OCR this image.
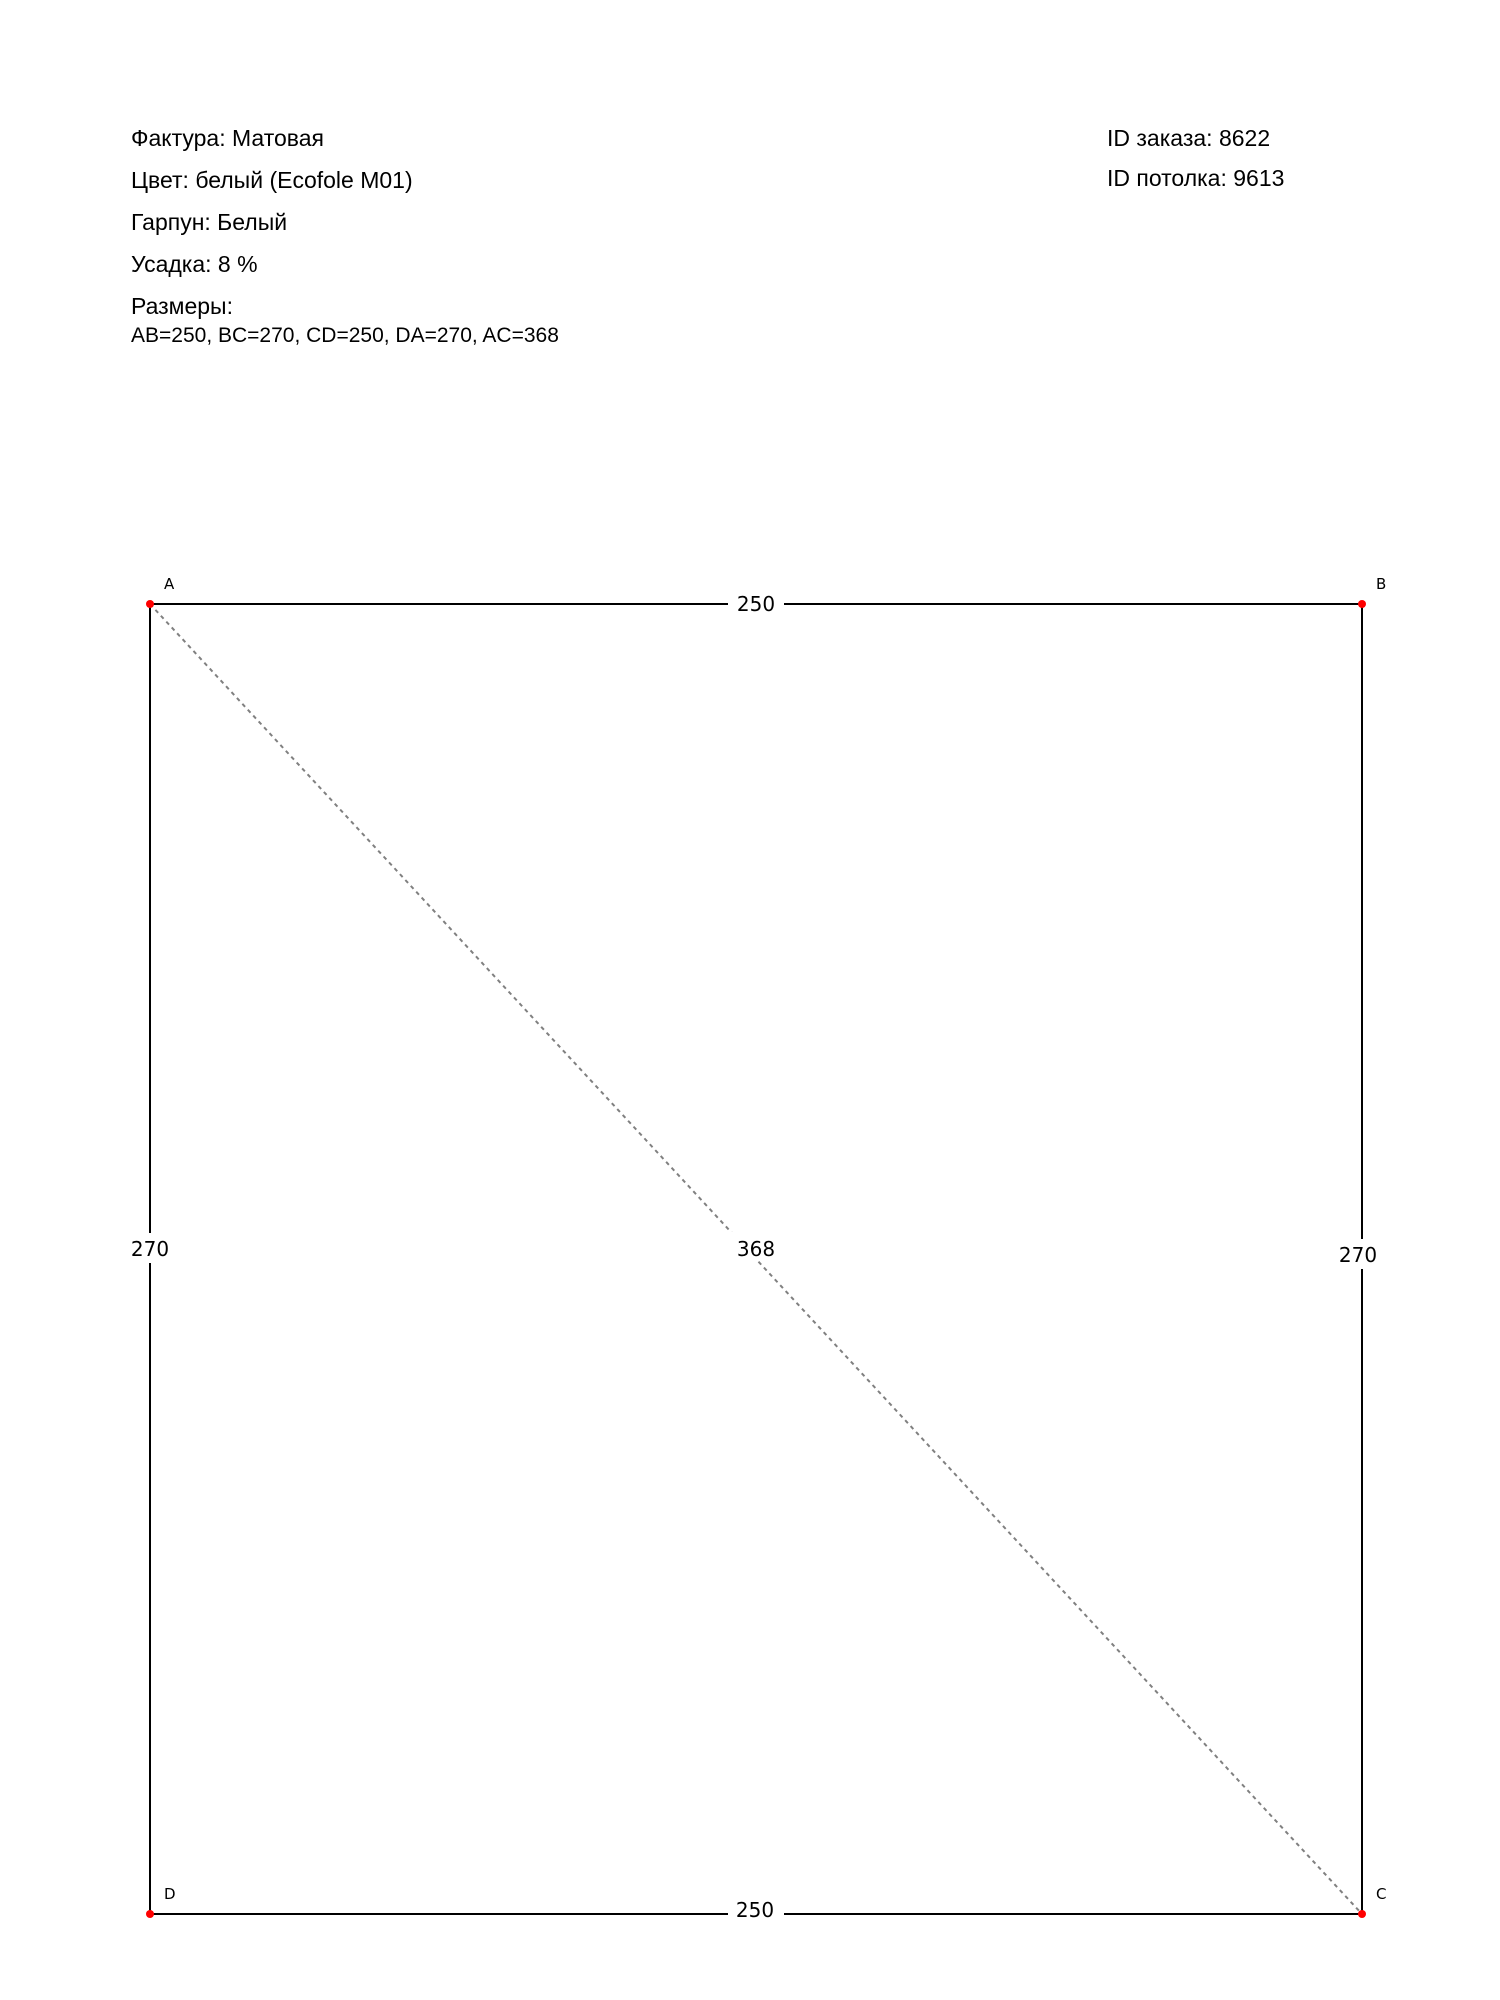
Фактура: Матовая
Цвет: белый (Ecofole M01)
Гарпун: Белый
Усадка: 8 %
Размеры:
AB=250, BC=270, CD=250, DA=270, AC=368
ID заказа: 8622
ID потолка: 9613
250
270
250
270	368
A	B
C
D
